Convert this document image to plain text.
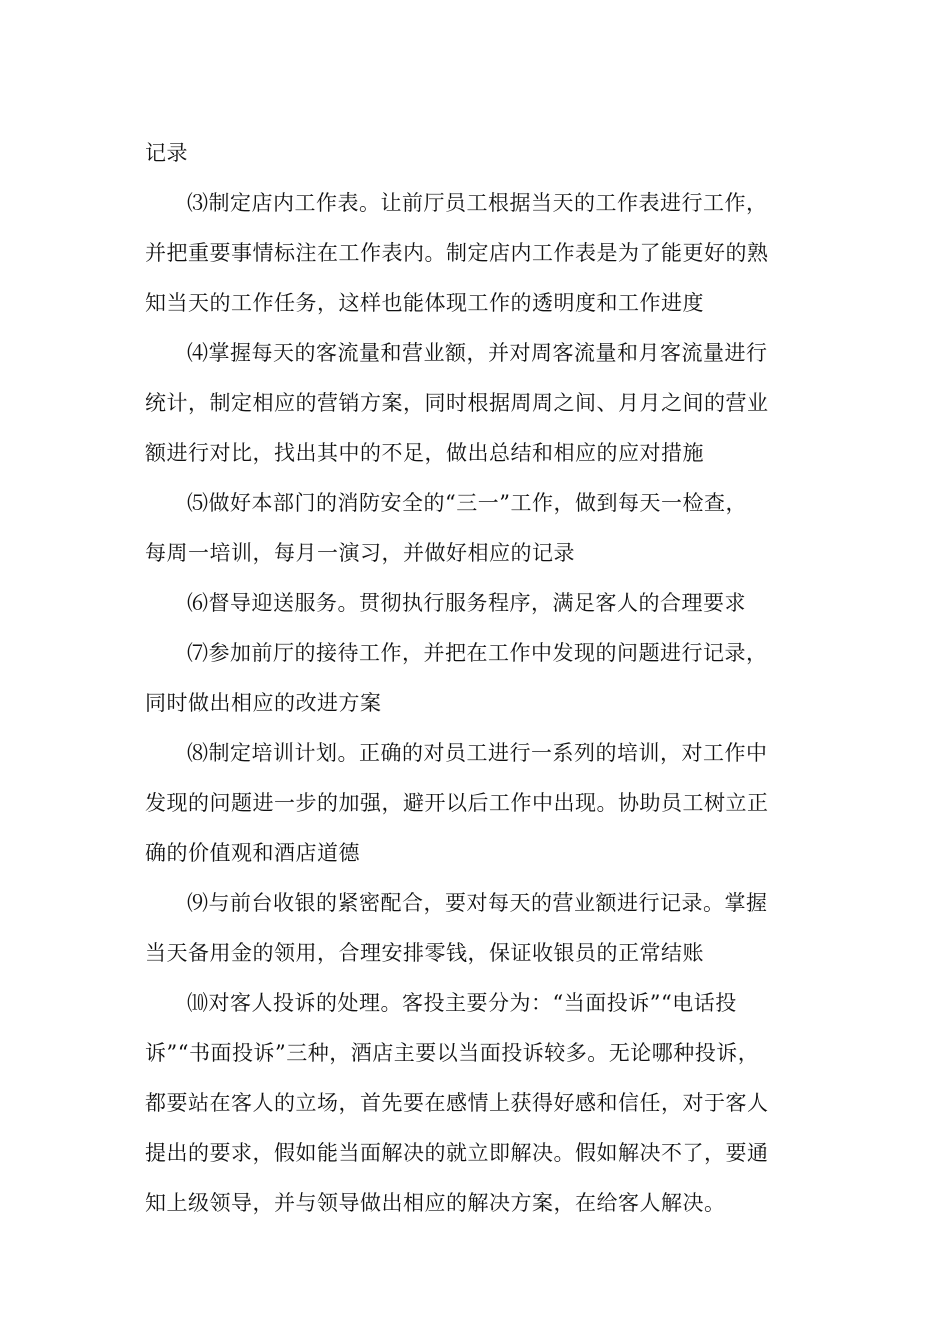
记录

⑶制定店内工作表。让前厅员工根据当天的工作表进行工作，

并把重要事情标注在工作表内。制定店内工作表是为了能更好的熟

知当天的工作任务，这样也能体现工作的透明度和工作进度

⑷掌握每天的客流量和营业额，并对周客流量和月客流量进行

统计，制定相应的营销方案，同时根据周周之间、月月之间的营业

额进行对比，找出其中的不足，做出总结和相应的应对措施

⑸做好本部门的消防安全的“三一”工作，做到每天一检查，

每周一培训，每月一演习，并做好相应的记录

⑹督导迎送服务。贯彻执行服务程序，满足客人的合理要求

⑺参加前厅的接待工作，并把在工作中发现的问题进行记录，

同时做出相应的改进方案

⑻制定培训计划。正确的对员工进行一系列的培训，对工作中

发现的问题进一步的加强，避开以后工作中出现。协助员工树立正

确的价值观和酒店道德

⑼与前台收银的紧密配合，要对每天的营业额进行记录。掌握

当天备用金的领用，合理安排零钱，保证收银员的正常结账

⑽对客人投诉的处理。客投主要分为：“当面投诉”“电话投

诉”“书面投诉”三种，酒店主要以当面投诉较多。无论哪种投诉，

都要站在客人的立场，首先要在感情上获得好感和信任，对于客人

提出的要求，假如能当面解决的就立即解决。假如解决不了，要通

知上级领导，并与领导做出相应的解决方案，在给客人解决。
